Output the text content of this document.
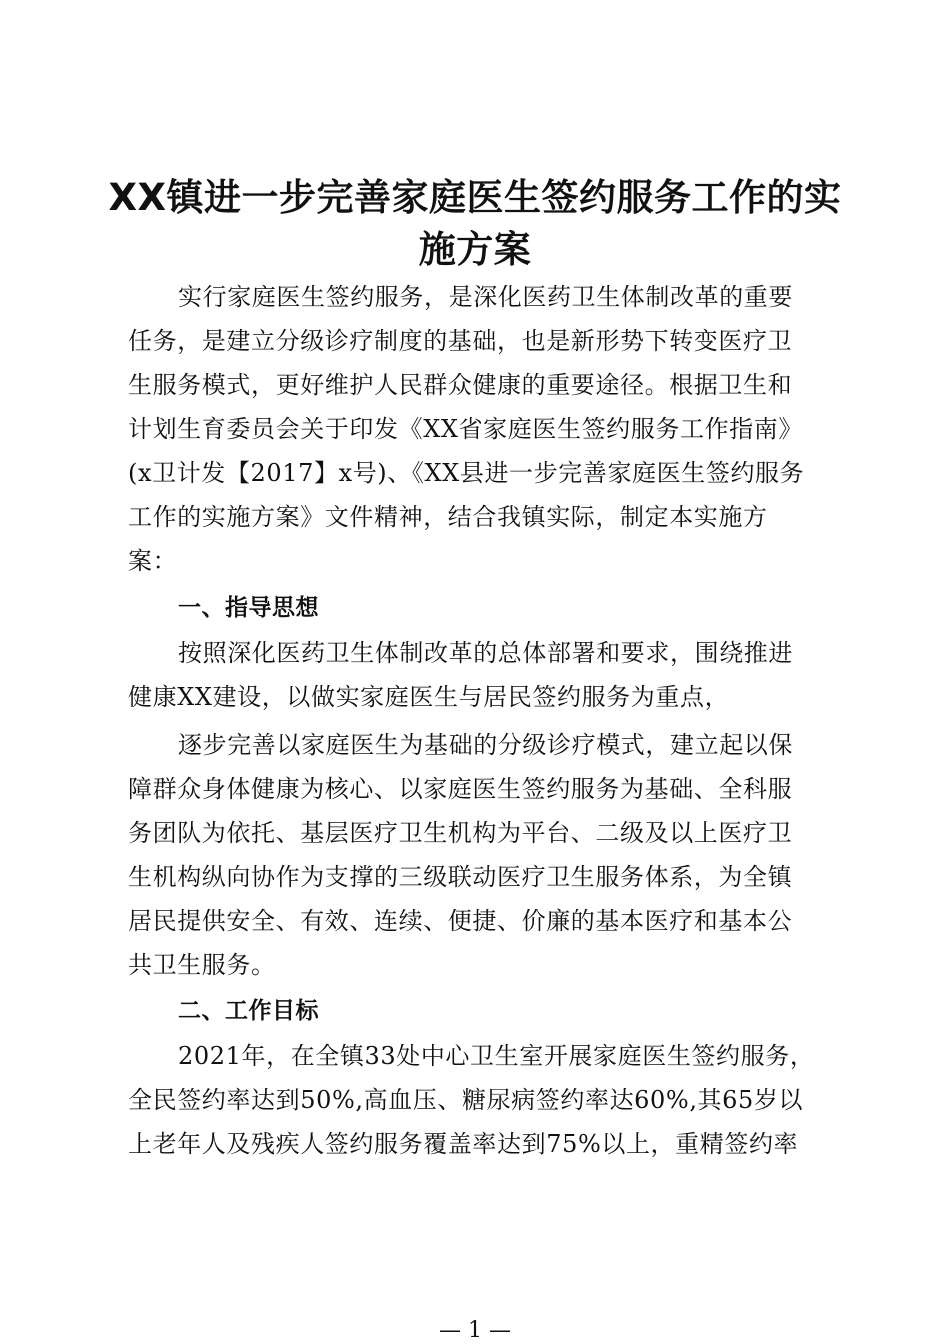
XX镇进一步完善家庭医生签约服务工作的实
施方案
实行家庭医生签约服务，是深化医药卫生体制改革的重要
任务，是建立分级诊疗制度的基础，也是新形势下转变医疗卫
生服务模式，更好维护人民群众健康的重要途径。根据卫生和
计划生育委员会关于印发《XX省家庭医生签约服务工作指南》
(x卫计发【2017】x号)、《XX县进一步完善家庭医生签约服务
工作的实施方案》文件精神，结合我镇实际，制定本实施方
案：
一、指导思想
按照深化医药卫生体制改革的总体部署和要求，围绕推进
健康XX建设，以做实家庭医生与居民签约服务为重点，
逐步完善以家庭医生为基础的分级诊疗模式，建立起以保
障群众身体健康为核心、以家庭医生签约服务为基础、全科服
务团队为依托、基层医疗卫生机构为平台、二级及以上医疗卫
生机构纵向协作为支撑的三级联动医疗卫生服务体系，为全镇
居民提供安全、有效、连续、便捷、价廉的基本医疗和基本公
共卫生服务。
二、工作目标
2021年，在全镇33处中心卫生室开展家庭医生签约服务，
全民签约率达到50%,高血压、糖尿病签约率达60%,其65岁以
上老年人及残疾人签约服务覆盖率达到75%以上，重精签约率
— 1 —
